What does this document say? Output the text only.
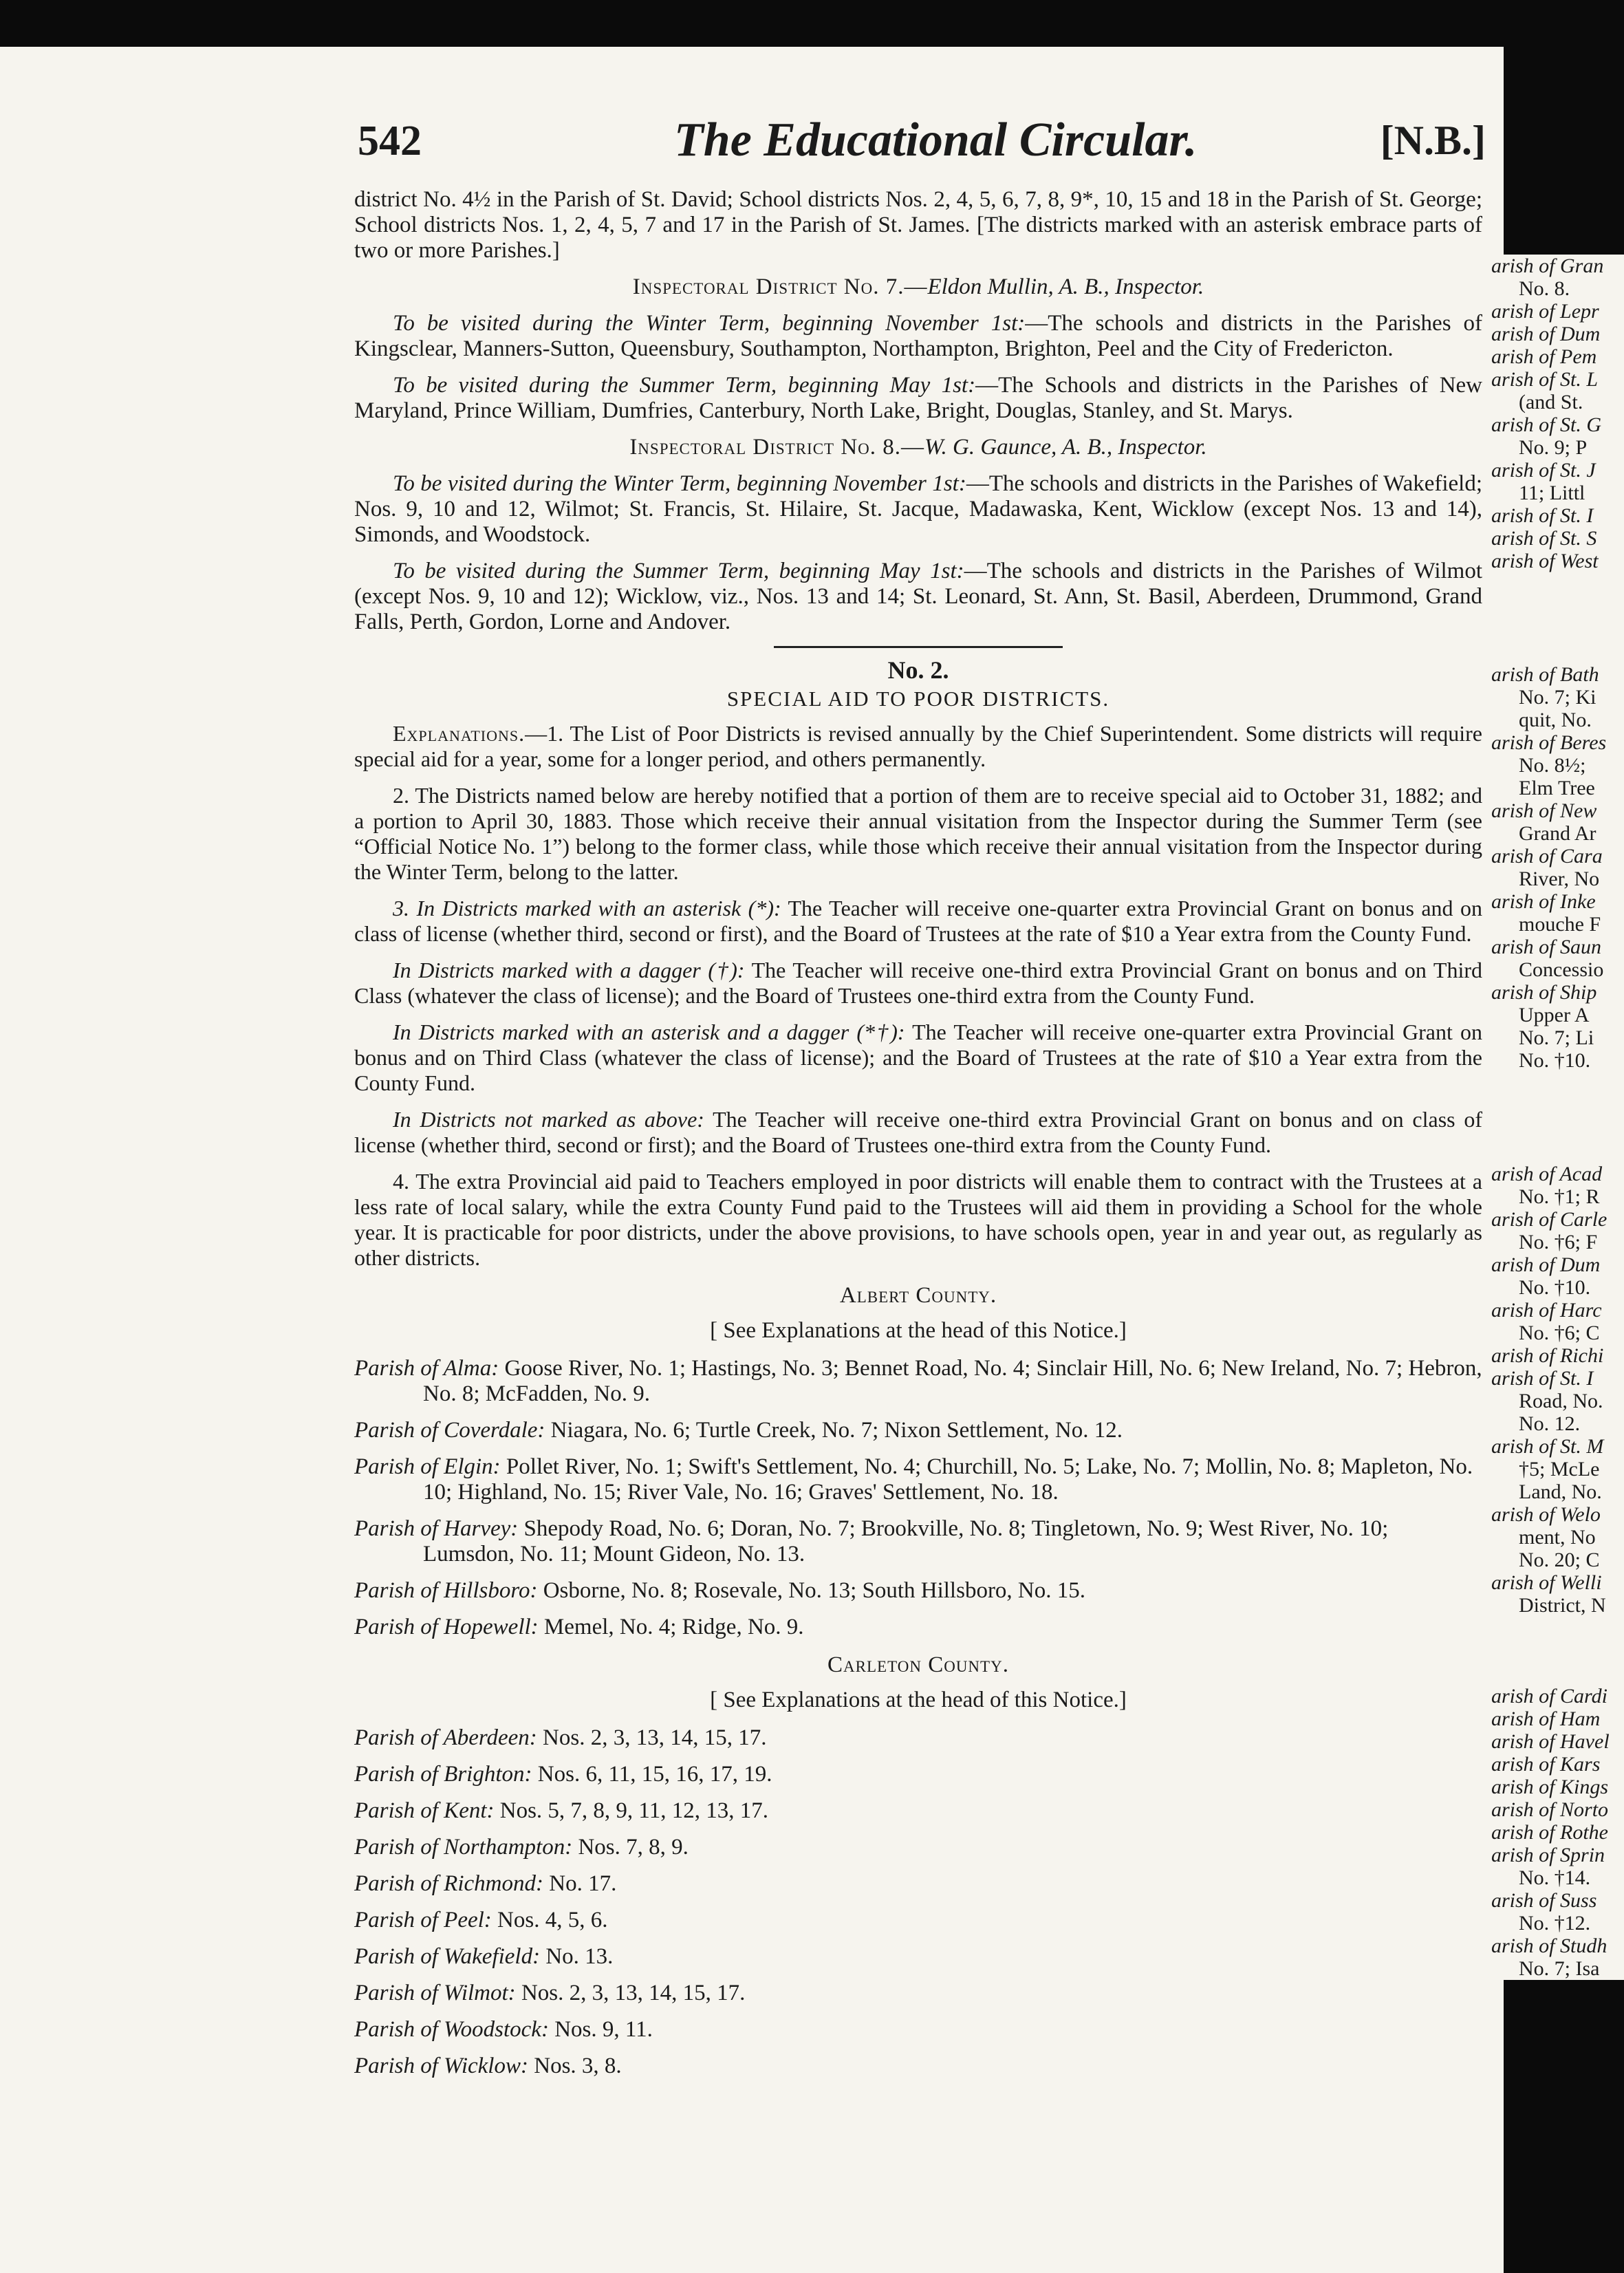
542	The Educational Circular.	[N.B.]

district No. 4½ in the Parish of St. David; School districts Nos. 2, 4, 5, 6, 7, 8, 9*, 10, 15 and 18 in the Parish of St. George; School districts Nos. 1, 2, 4, 5, 7 and 17 in the Parish of St. James. [The districts marked with an asterisk embrace parts of two or more Parishes.]

Inspectoral District No. 7.—Eldon Mullin, A. B., Inspector.

To be visited during the Winter Term, beginning November 1st:—The schools and districts in the Parishes of Kingsclear, Manners-Sutton, Queensbury, Southampton, Northampton, Brighton, Peel and the City of Fredericton.

To be visited during the Summer Term, beginning May 1st:—The Schools and districts in the Parishes of New Maryland, Prince William, Dumfries, Canterbury, North Lake, Bright, Douglas, Stanley, and St. Marys.

Inspectoral District No. 8.—W. G. Gaunce, A. B., Inspector.

To be visited during the Winter Term, beginning November 1st:—The schools and districts in the Parishes of Wakefield; Nos. 9, 10 and 12, Wilmot; St. Francis, St. Hilaire, St. Jacque, Madawaska, Kent, Wicklow (except Nos. 13 and 14), Simonds, and Woodstock.

To be visited during the Summer Term, beginning May 1st:—The schools and districts in the Parishes of Wilmot (except Nos. 9, 10 and 12); Wicklow, viz., Nos. 13 and 14; St. Leonard, St. Ann, St. Basil, Aberdeen, Drummond, Grand Falls, Perth, Gordon, Lorne and Andover.

No. 2.
SPECIAL AID TO POOR DISTRICTS.

Explanations.—1. The List of Poor Districts is revised annually by the Chief Superintendent. Some districts will require special aid for a year, some for a longer period, and others permanently.

2. The Districts named below are hereby notified that a portion of them are to receive special aid to October 31, 1882; and a portion to April 30, 1883. Those which receive their annual visitation from the Inspector during the Summer Term (see “Official Notice No. 1”) belong to the former class, while those which receive their annual visitation from the Inspector during the Winter Term, belong to the latter.

3. In Districts marked with an asterisk (*): The Teacher will receive one-quarter extra Provincial Grant on bonus and on class of license (whether third, second or first), and the Board of Trustees at the rate of $10 a Year extra from the County Fund.

In Districts marked with a dagger (†): The Teacher will receive one-third extra Provincial Grant on bonus and on Third Class (whatever the class of license); and the Board of Trustees one-third extra from the County Fund.

In Districts marked with an asterisk and a dagger (*†): The Teacher will receive one-quarter extra Provincial Grant on bonus and on Third Class (whatever the class of license); and the Board of Trustees at the rate of $10 a Year extra from the County Fund.

In Districts not marked as above: The Teacher will receive one-third extra Provincial Grant on bonus and on class of license (whether third, second or first); and the Board of Trustees one-third extra from the County Fund.

4. The extra Provincial aid paid to Teachers employed in poor districts will enable them to contract with the Trustees at a less rate of local salary, while the extra County Fund paid to the Trustees will aid them in providing a School for the whole year. It is practicable for poor districts, under the above provisions, to have schools open, year in and year out, as regularly as other districts.

Albert County.
[ See Explanations at the head of this Notice.]

Parish of Alma: Goose River, No. 1; Hastings, No. 3; Bennet Road, No. 4; Sinclair Hill, No. 6; New Ireland, No. 7; Hebron, No. 8; McFadden, No. 9.

Parish of Coverdale: Niagara, No. 6; Turtle Creek, No. 7; Nixon Settlement, No. 12.

Parish of Elgin: Pollet River, No. 1; Swift's Settlement, No. 4; Churchill, No. 5; Lake, No. 7; Mollin, No. 8; Mapleton, No. 10; Highland, No. 15; River Vale, No. 16; Graves' Settlement, No. 18.

Parish of Harvey: Shepody Road, No. 6; Doran, No. 7; Brookville, No. 8; Tingletown, No. 9; West River, No. 10; Lumsdon, No. 11; Mount Gideon, No. 13.

Parish of Hillsboro: Osborne, No. 8; Rosevale, No. 13; South Hillsboro, No. 15.

Parish of Hopewell: Memel, No. 4; Ridge, No. 9.

Carleton County.
[ See Explanations at the head of this Notice.]

Parish of Aberdeen: Nos. 2, 3, 13, 14, 15, 17.

Parish of Brighton: Nos. 6, 11, 15, 16, 17, 19.

Parish of Kent: Nos. 5, 7, 8, 9, 11, 12, 13, 17.

Parish of Northampton: Nos. 7, 8, 9.

Parish of Richmond: No. 17.

Parish of Peel: Nos. 4, 5, 6.

Parish of Wakefield: No. 13.

Parish of Wilmot: Nos. 2, 3, 13, 14, 15, 17.

Parish of Woodstock: Nos. 9, 11.

Parish of Wicklow: Nos. 3, 8.

arish of Gran
No. 8.
arish of Lepr
arish of Dum
arish of Pem
arish of St. L
(and St.
arish of St. G
No. 9; P
arish of St. J
11; Littl
arish of St. I
arish of St. S
arish of West

arish of Bath
No. 7; Ki
quit, No.
arish of Beres
No. 8½;
Elm Tree
arish of New
Grand Ar
arish of Cara
River, No
arish of Inke
mouche F
arish of Saun
Concessio
arish of Ship
Upper A
No. 7; Li
No. †10.

arish of Acad
No. †1; R
arish of Carle
No. †6; F
arish of Dum
No. †10.
arish of Harc
No. †6; C
arish of Richi
arish of St. I
Road, No.
No. 12.
arish of St. M
†5; McLe
Land, No.
arish of Welo
ment, No
No. 20; C
arish of Welli
District, N

arish of Cardi
arish of Ham
arish of Havel
arish of Kars
arish of Kings
arish of Norto
arish of Rothe
arish of Sprin
No. †14.
arish of Suss
No. †12.
arish of Studh
No. 7; Isa
